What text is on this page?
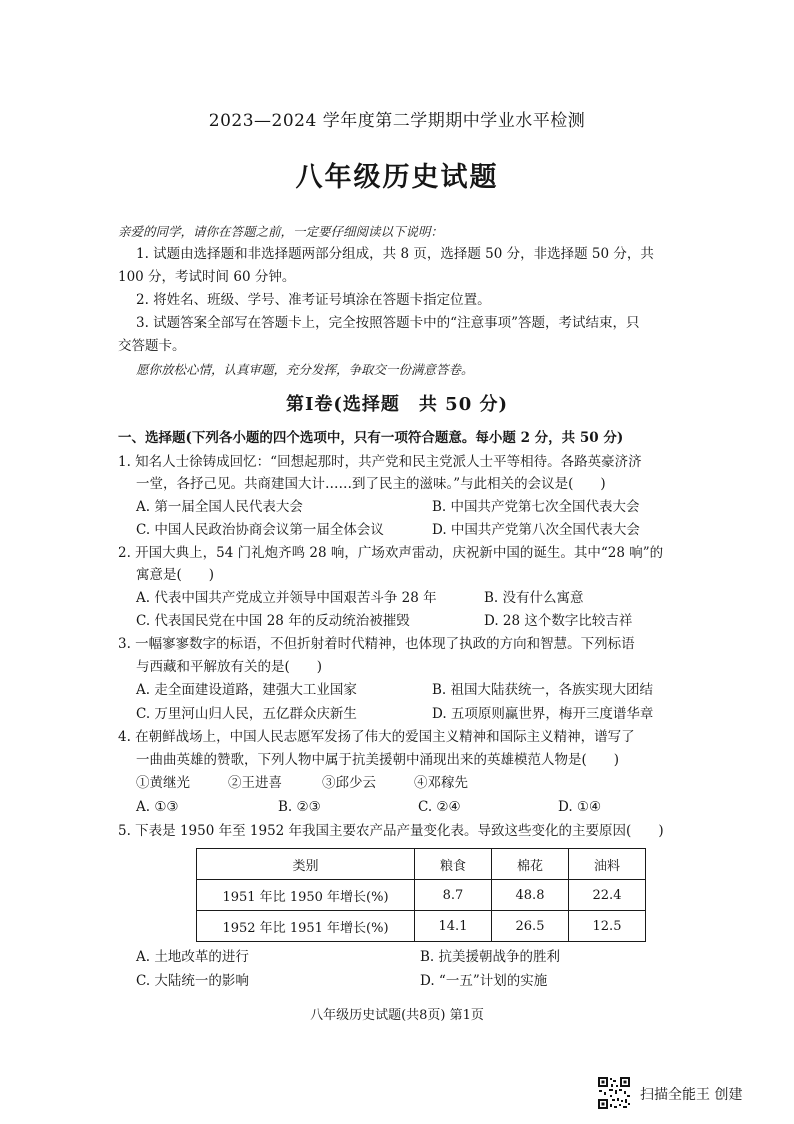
2023—2024 学年度第二学期期中学业水平检测
八年级历史试题
亲爱的同学，请你在答题之前，一定要仔细阅读以下说明：
1. 试题由选择题和非选择题两部分组成，共 8 页，选择题 50 分，非选择题 50 分，共
100 分，考试时间 60 分钟。
2. 将姓名、班级、学号、准考证号填涂在答题卡指定位置。
3. 试题答案全部写在答题卡上，完全按照答题卡中的“注意事项”答题，考试结束，只
交答题卡。
愿你放松心情，认真审题，充分发挥，争取交一份满意答卷。
第Ⅰ卷(选择题　共 50 分)
一、选择题(下列各小题的四个选项中，只有一项符合题意。每小题 2 分，共 50 分)
1. 知名人士徐铸成回忆：“回想起那时，共产党和民主党派人士平等相待。各路英豪济济
一堂，各抒己见。共商建国大计……到了民主的滋味。”与此相关的会议是(　　)
A. 第一届全国人民代表大会	B. 中国共产党第七次全国代表大会
C. 中国人民政治协商会议第一届全体会议	D. 中国共产党第八次全国代表大会
2. 开国大典上，54 门礼炮齐鸣 28 响，广场欢声雷动，庆祝新中国的诞生。其中“28 响”的
寓意是(　　)
A. 代表中国共产党成立并领导中国艰苦斗争 28 年	B. 没有什么寓意
C. 代表国民党在中国 28 年的反动统治被摧毁	D. 28 这个数字比较吉祥
3. 一幅寥寥数字的标语，不但折射着时代精神，也体现了执政的方向和智慧。下列标语
与西藏和平解放有关的是(　　)
A. 走全面建设道路，建强大工业国家	B. 祖国大陆获统一，各族实现大团结
C. 万里河山归人民，五亿群众庆新生	D. 五项原则赢世界，梅开三度谱华章
4. 在朝鲜战场上，中国人民志愿军发扬了伟大的爱国主义精神和国际主义精神，谱写了
一曲曲英雄的赞歌，下列人物中属于抗美援朝中涌现出来的英雄模范人物是(　　)
①黄继光	②王进喜	③邱少云	④邓稼先
A. ①③	B. ②③	C. ②④	D. ①④
5. 下表是 1950 年至 1952 年我国主要农产品产量变化表。导致这些变化的主要原因(　　)
类别	粮食	棉花	油料
1951 年比 1950 年增长(%)	8.7	48.8	22.4
1952 年比 1951 年增长(%)	14.1	26.5	12.5
A. 土地改革的进行	B. 抗美援朝战争的胜利
C. 大陆统一的影响	D. “一五”计划的实施
八年级历史试题(共8页) 第1页
扫描全能王 创建
